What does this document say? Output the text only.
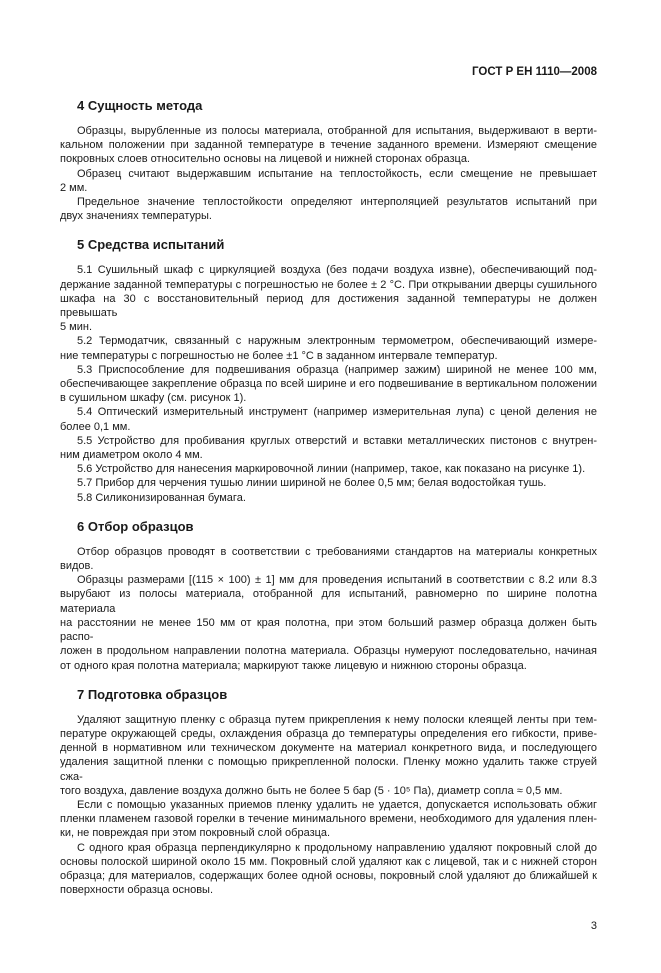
ГОСТ Р ЕН 1110—2008
4 Сущность метода

Образцы, вырубленные из полосы материала, отобранной для испытания, выдерживают в верти-
кальном положении при заданной температуре в течение заданного времени. Измеряют смещение
покровных слоев относительно основы на лицевой и нижней сторонах образца.

Образец считают выдержавшим испытание на теплостойкость, если смещение не превышает
2 мм.

Предельное значение теплостойкости определяют интерполяцией результатов испытаний при
двух значениях температуры.

5 Средства испытаний

5.1 Сушильный шкаф с циркуляцией воздуха (без подачи воздуха извне), обеспечивающий под-
держание заданной температуры с погрешностью не более ± 2 °С. При открывании дверцы сушильного
шкафа на 30 с восстановительный период для достижения заданной температуры не должен превышать
5 мин.

5.2 Термодатчик, связанный с наружным электронным термометром, обеспечивающий измере-
ние температуры с погрешностью не более ±1 °С в заданном интервале температур.

5.3 Приспособление для подвешивания образца (например зажим) шириной не менее 100 мм,
обеспечивающее закрепление образца по всей ширине и его подвешивание в вертикальном положении
в сушильном шкафу (см. рисунок 1).

5.4 Оптический измерительный инструмент (например измерительная лупа) с ценой деления не
более 0,1 мм.

5.5 Устройство для пробивания круглых отверстий и вставки металлических пистонов с внутрен-
ним диаметром около 4 мм.

5.6 Устройство для нанесения маркировочной линии (например, такое, как показано на рисунке 1).

5.7 Прибор для черчения тушью линии шириной не более 0,5 мм; белая водостойкая тушь.

5.8 Силиконизированная бумага.

6 Отбор образцов

Отбор образцов проводят в соответствии с требованиями стандартов на материалы конкретных
видов.

Образцы размерами [(115 × 100) ± 1] мм для проведения испытаний в соответствии с 8.2 или 8.3
вырубают из полосы материала, отобранной для испытаний, равномерно по ширине полотна материала
на расстоянии не менее 150 мм от края полотна, при этом больший размер образца должен быть распо-
ложен в продольном направлении полотна материала. Образцы нумеруют последовательно, начиная
от одного края полотна материала; маркируют также лицевую и нижнюю стороны образца.

7 Подготовка образцов

Удаляют защитную пленку с образца путем прикрепления к нему полоски клеящей ленты при тем-
пературе окружающей среды, охлаждения образца до температуры определения его гибкости, приве-
денной в нормативном или техническом документе на материал конкретного вида, и последующего
удаления защитной пленки с помощью прикрепленной полоски. Пленку можно удалить также струей сжа-
того воздуха, давление воздуха должно быть не более 5 бар (5 · 10⁵ Па), диаметр сопла ≈ 0,5 мм.

Если с помощью указанных приемов пленку удалить не удается, допускается использовать обжиг
пленки пламенем газовой горелки в течение минимального времени, необходимого для удаления плен-
ки, не повреждая при этом покровный слой образца.

С одного края образца перпендикулярно к продольному направлению удаляют покровный слой до
основы полоской шириной около 15 мм. Покровный слой удаляют как с лицевой, так и с нижней сторон
образца; для материалов, содержащих более одной основы, покровный слой удаляют до ближайшей к
поверхности образца основы.

3
